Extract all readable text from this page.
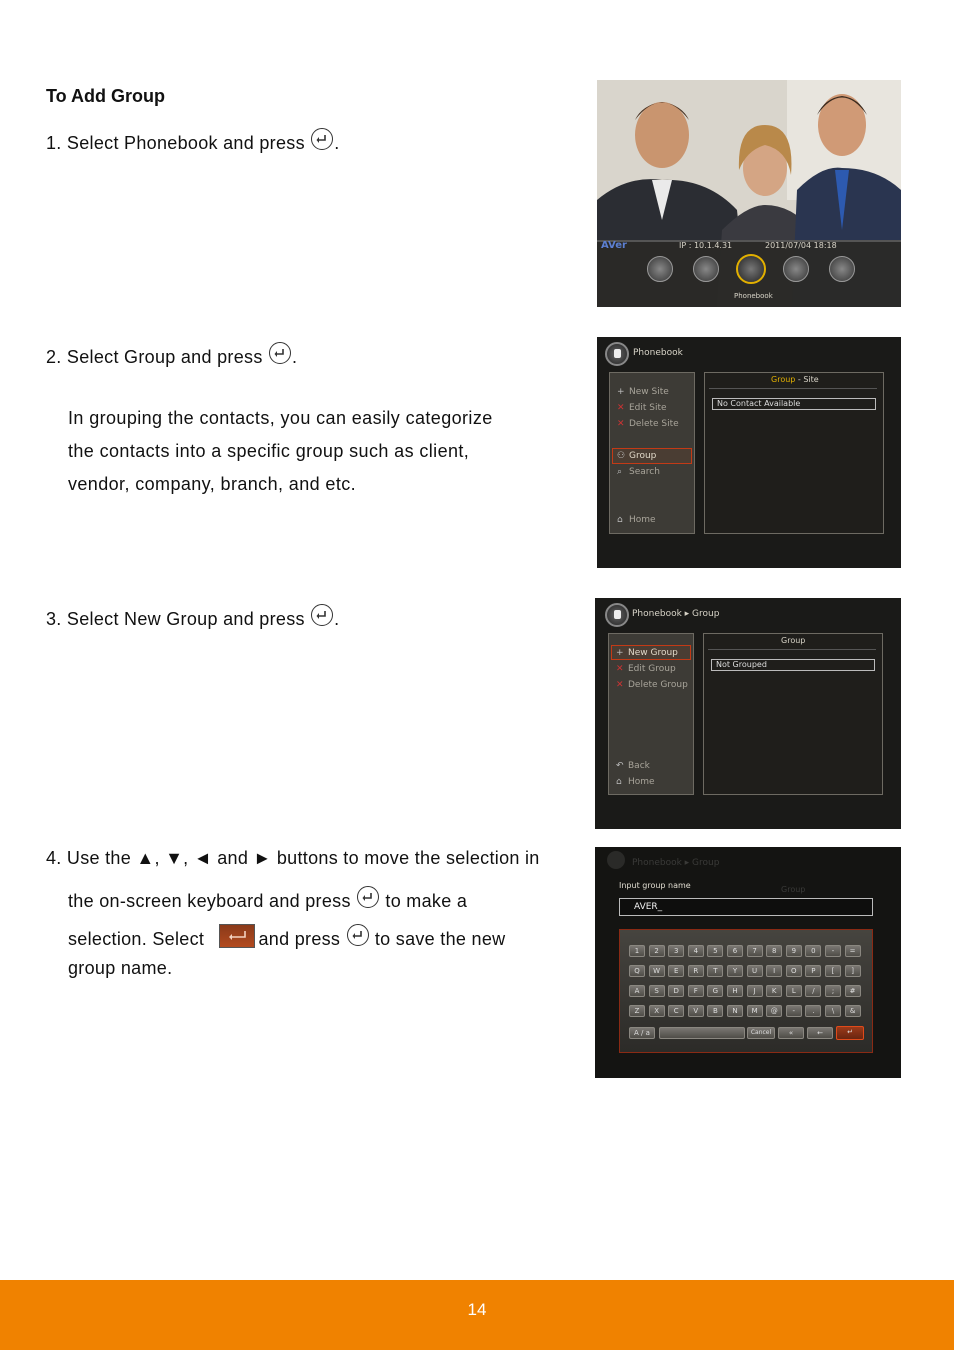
To Add Group
1. Select Phonebook and press .
2. Select Group and press .
In grouping the contacts, you can easily categorize
the contacts into a specific group such as client,
vendor, company, branch, and etc.
3. Select New Group and press .
4. Use the ▲, ▼, ◄ and ► buttons to move the selection in
the on-screen keyboard and press to make a
selection. Select	and press to save the new
group name.
AVer	IP : 10.1.4.31	2011/07/04 18:18
Phonebook
Phonebook
+ New Site
✕ Edit Site
✕ Delete Site
⚇ Group
⌕ Search
⌂ Home
Group - Site
No Contact Available
Phonebook ▸ Group
+ New Group
✕ Edit Group
✕ Delete Group
↶ Back
⌂ Home
Group
Not Grouped
Phonebook ▸ Group
Input group name	Group
AVER_
A / a	Cancel	«	←	↵
1	2	3	4	5	6	7	8	9	0	-	=
Q	W	E	R	T	Y	U	I	O	P	[	]
A	S	D	F	G	H	J	K	L	/	;	#
Z	X	C	V	B	N	M	@	-	.	\	&
14
